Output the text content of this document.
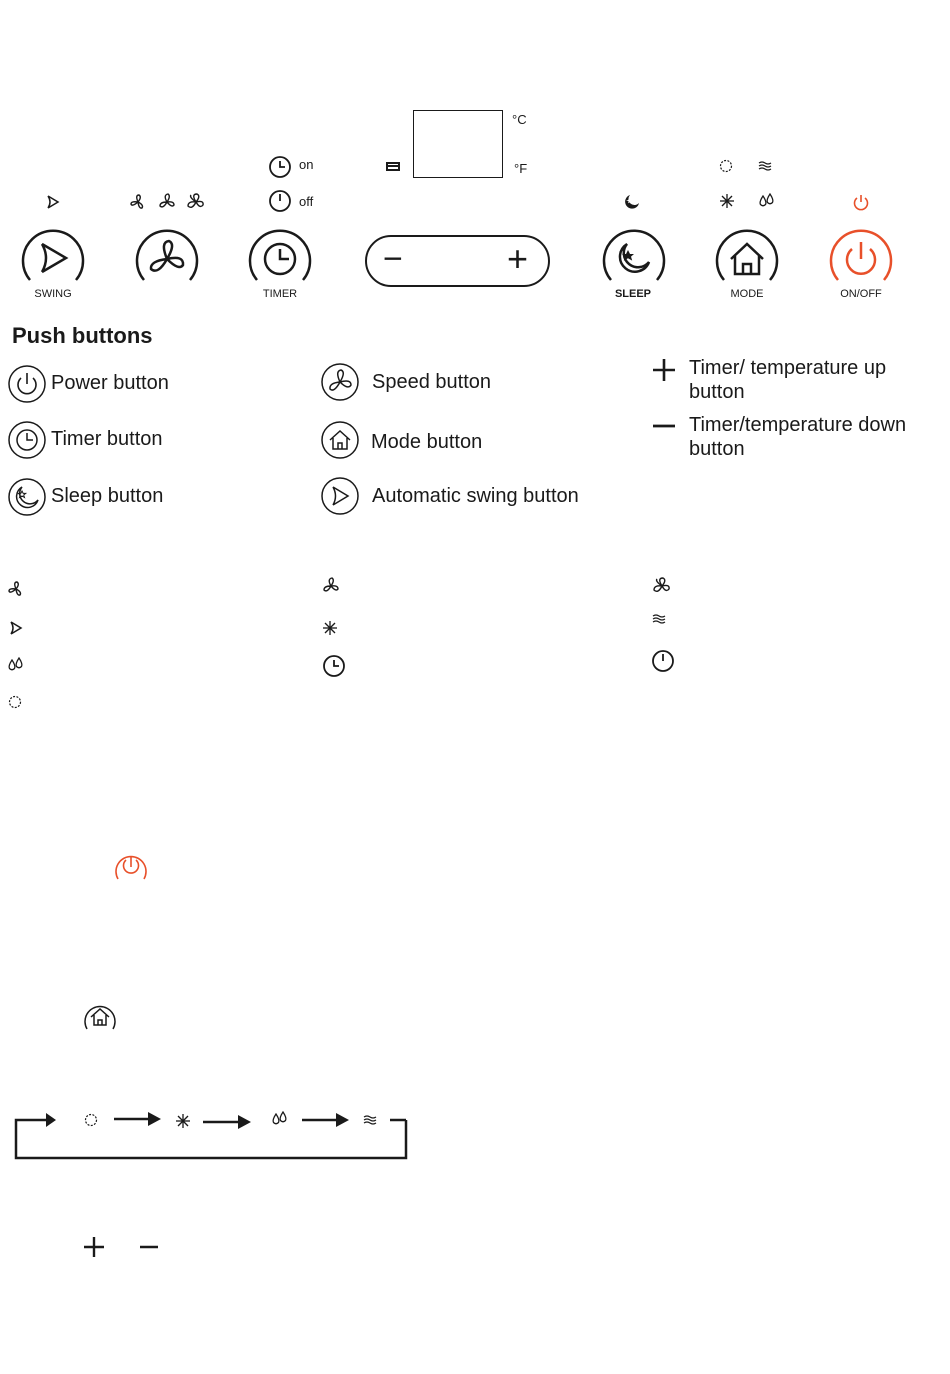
°C
°F
on
off
SWING	TIMER
−	+
SLEEP	MODE	ON/OFF
Push buttons
Power button
Timer button
Sleep button
Speed button
Mode button
Automatic swing button
Timer/ temperature up
button
Timer/temperature down
button
